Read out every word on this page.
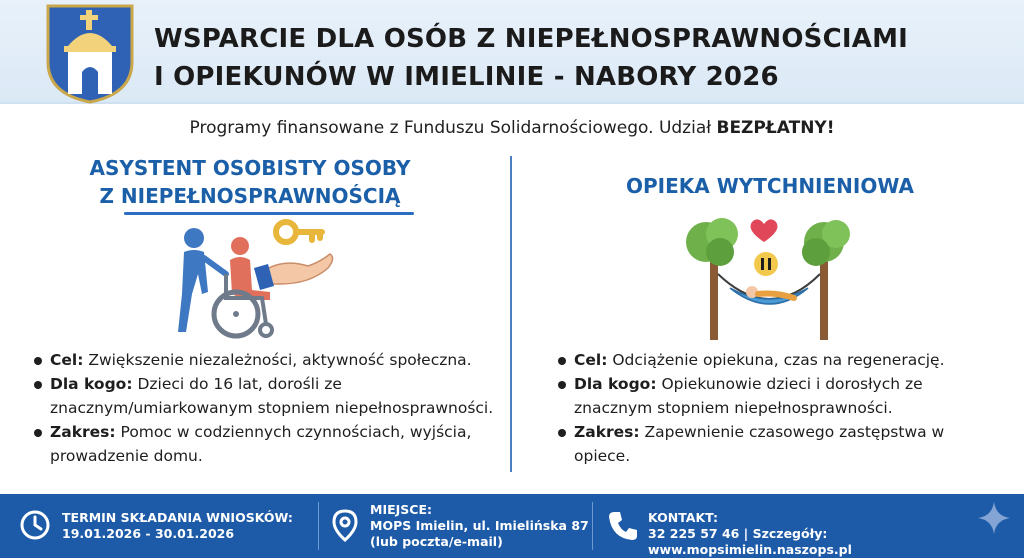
WSPARCIE DLA OSÓB Z NIEPEŁNOSPRAWNOŚCIAMI
I OPIEKUNÓW W IMIELINIE - NABORY 2026
Programy finansowane z Funduszu Solidarnościowego. Udział BEZPŁATNY!
ASYSTENT OSOBISTY OSOBY
Z NIEPEŁNOSPRAWNOŚCIĄ	OPIEKA WYTCHNIENIOWA
Cel: Zwiększenie niezależności, aktywność społeczna.
Dla kogo: Dzieci do 16 lat, dorośli ze znacznym/umiarkowanym stopniem niepełnosprawności.
Zakres: Pomoc w codziennych czynnościach, wyjścia, prowadzenie domu.
Cel: Odciążenie opiekuna, czas na regenerację.
Dla kogo: Opiekunowie dzieci i dorosłych ze znacznym stopniem niepełnosprawności.
Zakres: Zapewnienie czasowego zastępstwa w opiece.
TERMIN SKŁADANIA WNIOSKÓW:
19.01.2026 - 30.01.2026
MIEJSCE:
MOPS Imielin, ul. Imielińska 87
(lub poczta/e-mail)
KONTAKT:
32 225 57 46 | Szczegóły: www.mopsimielin.naszops.pl
